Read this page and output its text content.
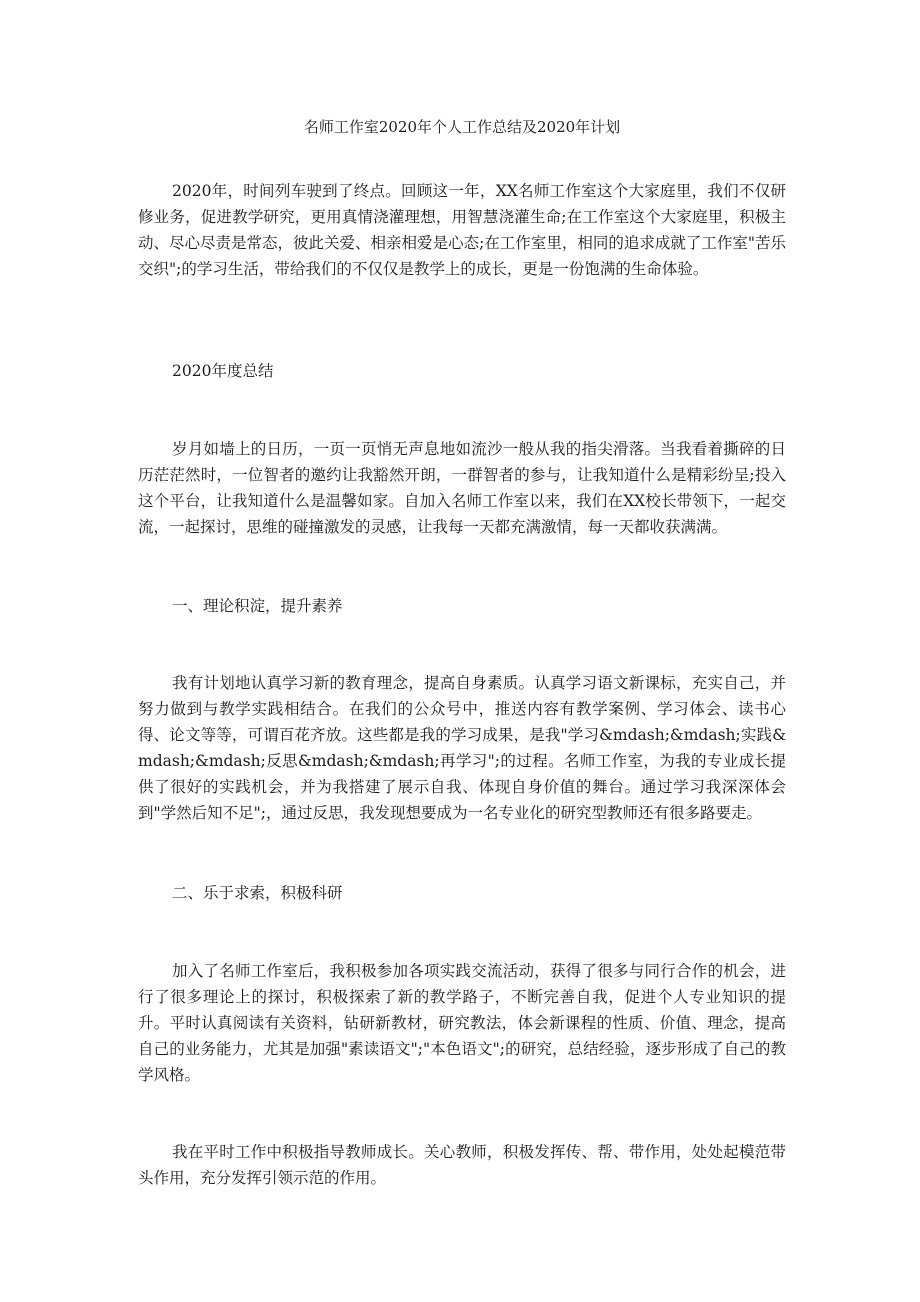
名师工作室2020年个人工作总结及2020年计划

2020年，时间列车驶到了终点。回顾这一年，XX名师工作室这个大家庭里，我们不仅研修业务，促进教学研究，更用真情浇灌理想，用智慧浇灌生命;在工作室这个大家庭里，积极主动、尽心尽责是常态，彼此关爱、相亲相爱是心态;在工作室里，相同的追求成就了工作室"苦乐交织";的学习生活，带给我们的不仅仅是教学上的成长，更是一份饱满的生命体验。

2020年度总结

岁月如墙上的日历，一页一页悄无声息地如流沙一般从我的指尖滑落。当我看着撕碎的日历茫茫然时，一位智者的邀约让我豁然开朗，一群智者的参与，让我知道什么是精彩纷呈;投入这个平台，让我知道什么是温馨如家。自加入名师工作室以来，我们在XX校长带领下，一起交流，一起探讨，思维的碰撞激发的灵感，让我每一天都充满激情，每一天都收获满满。

一、理论积淀，提升素养

我有计划地认真学习新的教育理念，提高自身素质。认真学习语文新课标，充实自己，并努力做到与教学实践相结合。在我们的公众号中，推送内容有教学案例、学习体会、读书心得、论文等等，可谓百花齐放。这些都是我的学习成果，是我"学习&mdash;&mdash;实践&mdash;&mdash;反思&mdash;&mdash;再学习";的过程。名师工作室，为我的专业成长提供了很好的实践机会，并为我搭建了展示自我、体现自身价值的舞台。通过学习我深深体会到"学然后知不足";，通过反思，我发现想要成为一名专业化的研究型教师还有很多路要走。

二、乐于求索，积极科研

加入了名师工作室后，我积极参加各项实践交流活动，获得了很多与同行合作的机会，进行了很多理论上的探讨，积极探索了新的教学路子，不断完善自我，促进个人专业知识的提升。平时认真阅读有关资料，钻研新教材，研究教法，体会新课程的性质、价值、理念，提高自己的业务能力，尤其是加强"素读语文";"本色语文";的研究，总结经验，逐步形成了自己的教学风格。

我在平时工作中积极指导教师成长。关心教师，积极发挥传、帮、带作用，处处起模范带头作用，充分发挥引领示范的作用。
